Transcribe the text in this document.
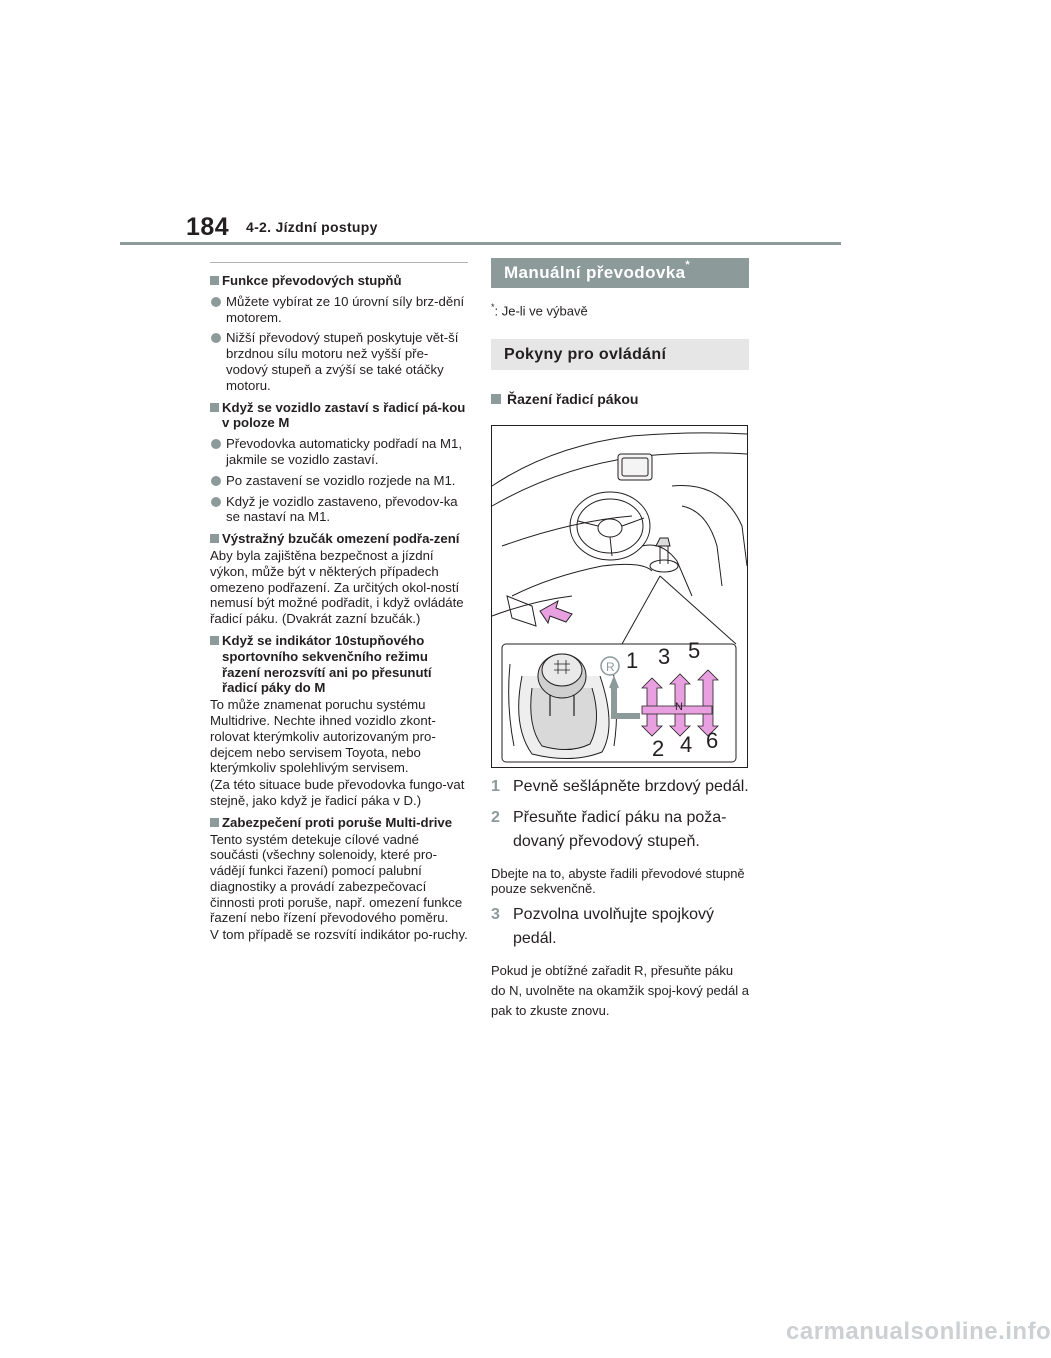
184 4-2. Jízdní postupy
Funkce převodových stupňů
Můžete vybírat ze 10 úrovní síly brz-dění motorem.
Nižší převodový stupeň poskytuje vět-ší brzdnou sílu motoru než vyšší pře-vodový stupeň a zvýší se také otáčky motoru.
Když se vozidlo zastaví s řadicí pá-kou v poloze M
Převodovka automaticky podřadí na M1, jakmile se vozidlo zastaví.
Po zastavení se vozidlo rozjede na M1.
Když je vozidlo zastaveno, převodov-ka se nastaví na M1.
Výstražný bzučák omezení podřa-zení
Aby byla zajištěna bezpečnost a jízdní výkon, může být v některých případech omezeno podřazení. Za určitých okol-ností nemusí být možné podřadit, i když ovládáte řadicí páku. (Dvakrát zazní bzučák.)
Když se indikátor 10stupňového sportovního sekvenčního režimu řazení nerozsvítí ani po přesunutí řadicí páky do M
To může znamenat poruchu systému Multidrive. Nechte ihned vozidlo zkont-rolovat kterýmkoliv autorizovaným pro-dejcem nebo servisem Toyota, nebo kterýmkoliv spolehlivým servisem.
(Za této situace bude převodovka fungo-vat stejně, jako když je řadicí páka v D.)
Zabezpečení proti poruše Multi-drive
Tento systém detekuje cílové vadné součásti (všechny solenoidy, které pro-vádějí funkci řazení) pomocí palubní diagnostiky a provádí zabezpečovací činnosti proti poruše, např. omezení funkce řazení nebo řízení převodového poměru.
V tom případě se rozsvítí indikátor po-ruchy.
Manuální převodovka*
*: Je-li ve výbavě
Pokyny pro ovládání
Řazení řadicí pákou
R
N
1 3 5
2 4 6
1 Pevně sešlápněte brzdový pedál.
2 Přesuňte řadicí páku na poža-dovaný převodový stupeň.
Dbejte na to, abyste řadili převodové stupně pouze sekvenčně.
3 Pozvolna uvolňujte spojkový pedál.
Pokud je obtížné zařadit R, přesuňte páku do N, uvolněte na okamžik spoj-kový pedál a pak to zkuste znovu.
carmanualsonline.info
